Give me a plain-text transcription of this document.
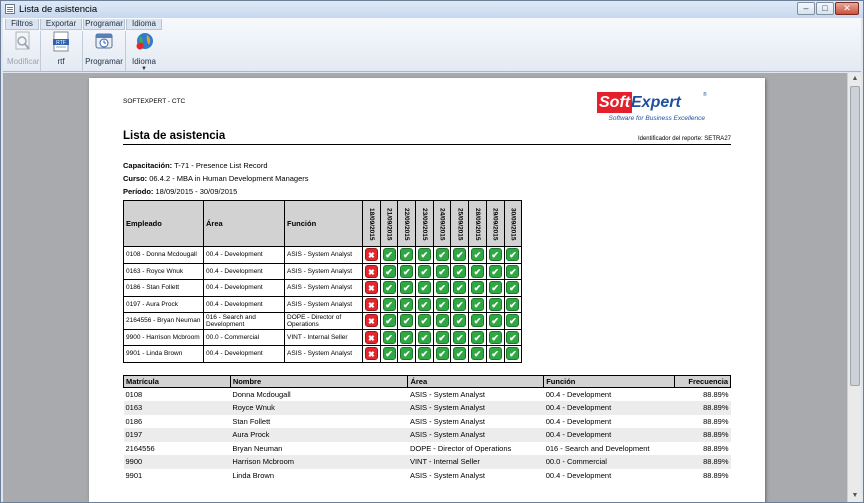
Lista de asistencia	–	□	✕
Filtros	Exportar	Programar	Idioma
Modificar
RTF
rtf	Programar	Idioma
▼
SOFTEXPERT - CTC	Soft Expert	®
Software for Business Excellence
Lista de asistencia	Identificador del reporte: SETRA27
Capacitación: T-71 - Presence List Record
Curso: 06.4.2 - MBA in Human Development Managers
Período: 18/09/2015 - 30/09/2015
Empleado	Área	Función	18/09/2015	21/09/2015	22/09/2015	23/09/2015	24/09/2015	25/09/2015	28/09/2015	29/09/2015	30/09/2015

0108 - Donna Mcdougall	00.4 - Development	ASIS - System Analyst	✖	✔	✔	✔	✔	✔	✔	✔	✔
0163 - Royce Wnuk	00.4 - Development	ASIS - System Analyst	✖	✔	✔	✔	✔	✔	✔	✔	✔
0186 - Stan Follett	00.4 - Development	ASIS - System Analyst	✖	✔	✔	✔	✔	✔	✔	✔	✔
0197 - Aura Prock	00.4 - Development	ASIS - System Analyst	✖	✔	✔	✔	✔	✔	✔	✔	✔
2164556 - Bryan Neuman	016 - Search and Development	DOPE - Director of Operations	✖	✔	✔	✔	✔	✔	✔	✔	✔
9900 - Harrison Mcbroom	00.0 - Commercial	VINT - Internal Seller	✖	✔	✔	✔	✔	✔	✔	✔	✔
9901 - Linda Brown	00.4 - Development	ASIS - System Analyst	✖	✔	✔	✔	✔	✔	✔	✔	✔
Matrícula	Nombre	Área	Función	Frecuencia
0108	Donna Mcdougall	ASIS - System Analyst	00.4 - Development	88.89%
0163	Royce Wnuk	ASIS - System Analyst	00.4 - Development	88.89%
0186	Stan Follett	ASIS - System Analyst	00.4 - Development	88.89%
0197	Aura Prock	ASIS - System Analyst	00.4 - Development	88.89%
2164556	Bryan Neuman	DOPE - Director of Operations	016 - Search and Development	88.89%
9900	Harrison Mcbroom	VINT - Internal Seller	00.0 - Commercial	88.89%
9901	Linda Brown	ASIS - System Analyst	00.4 - Development	88.89%
▲
▼
